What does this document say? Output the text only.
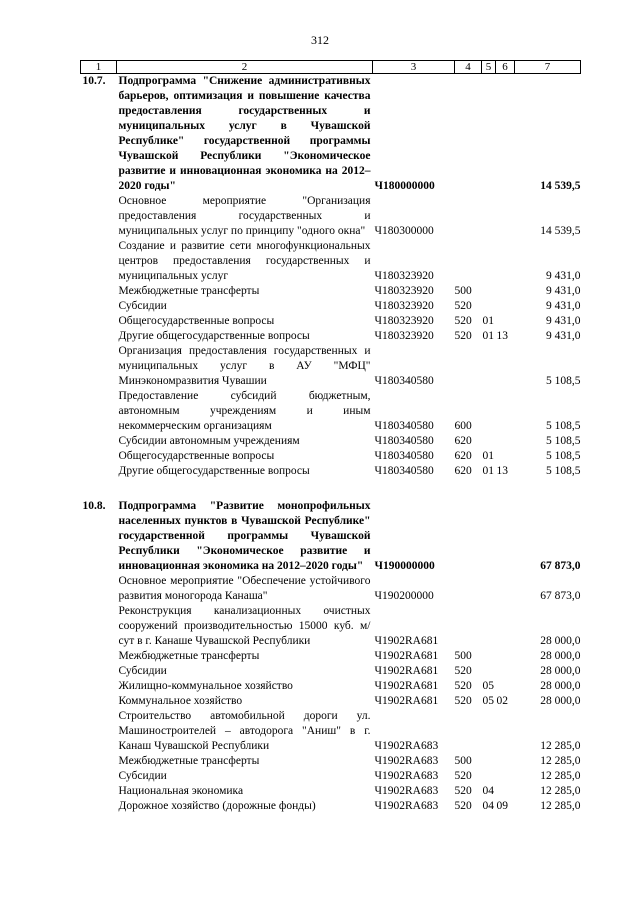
312
1	2	3	4	5	6	7
10.7.	Подпрограмма "Снижение административных барьеров, оптимизация и повышение качества предоставления государственных и муниципальных услуг в Чувашской Республике" государственной программы Чувашской Республики "Экономическое развитие и инновационная экономика на 2012–2020 годы"	Ч180000000				14 539,5
	Основное мероприятие "Организация предоставления государственных и муниципальных услуг по принципу "одного окна"	Ч180300000				14 539,5
	Создание и развитие сети многофункциональных центров предоставления государственных и муниципальных услуг	Ч180323920				9 431,0
	Межбюджетные трансферты	Ч180323920	500			9 431,0
	Субсидии	Ч180323920	520			9 431,0
	Общегосударственные вопросы	Ч180323920	520	01		9 431,0
	Другие общегосударственные вопросы	Ч180323920	520	01	13	9 431,0
	Организация предоставления государственных и муниципальных услуг в АУ "МФЦ" Минэкономразвития Чувашии	Ч180340580				5 108,5
	Предоставление субсидий бюджетным, автономным учреждениям и иным некоммерческим организациям	Ч180340580	600			5 108,5
	Субсидии автономным учреждениям	Ч180340580	620			5 108,5
	Общегосударственные вопросы	Ч180340580	620	01		5 108,5
	Другие общегосударственные вопросы	Ч180340580	620	01	13	5 108,5

10.8.	Подпрограмма "Развитие монопрофильных населенных пунктов в Чувашской Республике" государственной программы Чувашской Республики "Экономическое развитие и инновационная экономика на 2012–2020 годы"	Ч190000000				67 873,0
	Основное мероприятие "Обеспечение устойчивого развития моногорода Канаша"	Ч190200000				67 873,0
	Реконструкция канализационных очистных сооружений производительностью 15000 куб. м/сут в г. Канаше Чувашской Республики	Ч1902RA681				28 000,0
	Межбюджетные трансферты	Ч1902RA681	500			28 000,0
	Субсидии	Ч1902RA681	520			28 000,0
	Жилищно-коммунальное хозяйство	Ч1902RA681	520	05		28 000,0
	Коммунальное хозяйство	Ч1902RA681	520	05	02	28 000,0
	Строительство автомобильной дороги ул. Машиностроителей – автодорога "Аниш" в г. Канаш Чувашской Республики	Ч1902RA683				12 285,0
	Межбюджетные трансферты	Ч1902RA683	500			12 285,0
	Субсидии	Ч1902RA683	520			12 285,0
	Национальная экономика	Ч1902RA683	520	04		12 285,0
	Дорожное хозяйство (дорожные фонды)	Ч1902RA683	520	04	09	12 285,0
